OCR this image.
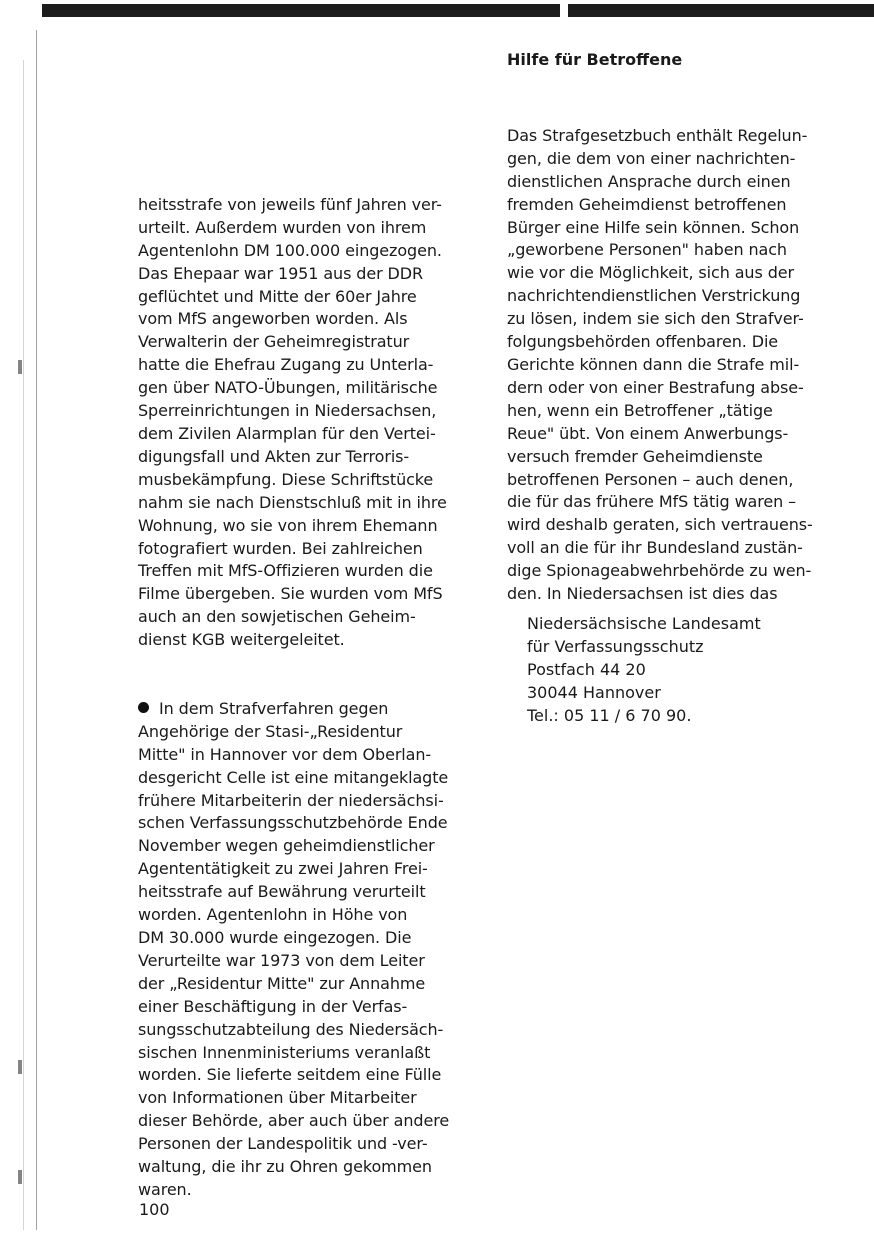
heitsstrafe von jeweils fünf Jahren ver-
urteilt. Außerdem wurden von ihrem
Agentenlohn DM 100.000 eingezogen.
Das Ehepaar war 1951 aus der DDR
geflüchtet und Mitte der 60er Jahre
vom MfS angeworben worden. Als
Verwalterin der Geheimregistratur
hatte die Ehefrau Zugang zu Unterla-
gen über NATO-Übungen, militärische
Sperreinrichtungen in Niedersachsen,
dem Zivilen Alarmplan für den Vertei-
digungsfall und Akten zur Terroris-
musbekämpfung. Diese Schriftstücke
nahm sie nach Dienstschluß mit in ihre
Wohnung, wo sie von ihrem Ehemann
fotografiert wurden. Bei zahlreichen
Treffen mit MfS-Offizieren wurden die
Filme übergeben. Sie wurden vom MfS
auch an den sowjetischen Geheim-
dienst KGB weitergeleitet.

In dem Strafverfahren gegen
Angehörige der Stasi-„Residentur
Mitte" in Hannover vor dem Oberlan-
desgericht Celle ist eine mitangeklagte
frühere Mitarbeiterin der niedersächsi-
schen Verfassungsschutzbehörde Ende
November wegen geheimdienstlicher
Agententätigkeit zu zwei Jahren Frei-
heitsstrafe auf Bewährung verurteilt
worden. Agentenlohn in Höhe von
DM 30.000 wurde eingezogen. Die
Verurteilte war 1973 von dem Leiter
der „Residentur Mitte" zur Annahme
einer Beschäftigung in der Verfas-
sungsschutzabteilung des Niedersäch-
sischen Innenministeriums veranlaßt
worden. Sie lieferte seitdem eine Fülle
von Informationen über Mitarbeiter
dieser Behörde, aber auch über andere
Personen der Landespolitik und -ver-
waltung, die ihr zu Ohren gekommen
waren.

Hilfe für Betroffene

Das Strafgesetzbuch enthält Regelun-
gen, die dem von einer nachrichten-
dienstlichen Ansprache durch einen
fremden Geheimdienst betroffenen
Bürger eine Hilfe sein können. Schon
„geworbene Personen" haben nach
wie vor die Möglichkeit, sich aus der
nachrichtendienstlichen Verstrickung
zu lösen, indem sie sich den Strafver-
folgungsbehörden offenbaren. Die
Gerichte können dann die Strafe mil-
dern oder von einer Bestrafung abse-
hen, wenn ein Betroffener „tätige
Reue" übt. Von einem Anwerbungs-
versuch fremder Geheimdienste
betroffenen Personen – auch denen,
die für das frühere MfS tätig waren –
wird deshalb geraten, sich vertrauens-
voll an die für ihr Bundesland zustän-
dige Spionageabwehrbehörde zu wen-
den. In Niedersachsen ist dies das

Niedersächsische Landesamt
für Verfassungsschutz
Postfach 44 20
30044 Hannover
Tel.: 05 11 / 6 70 90.
100
